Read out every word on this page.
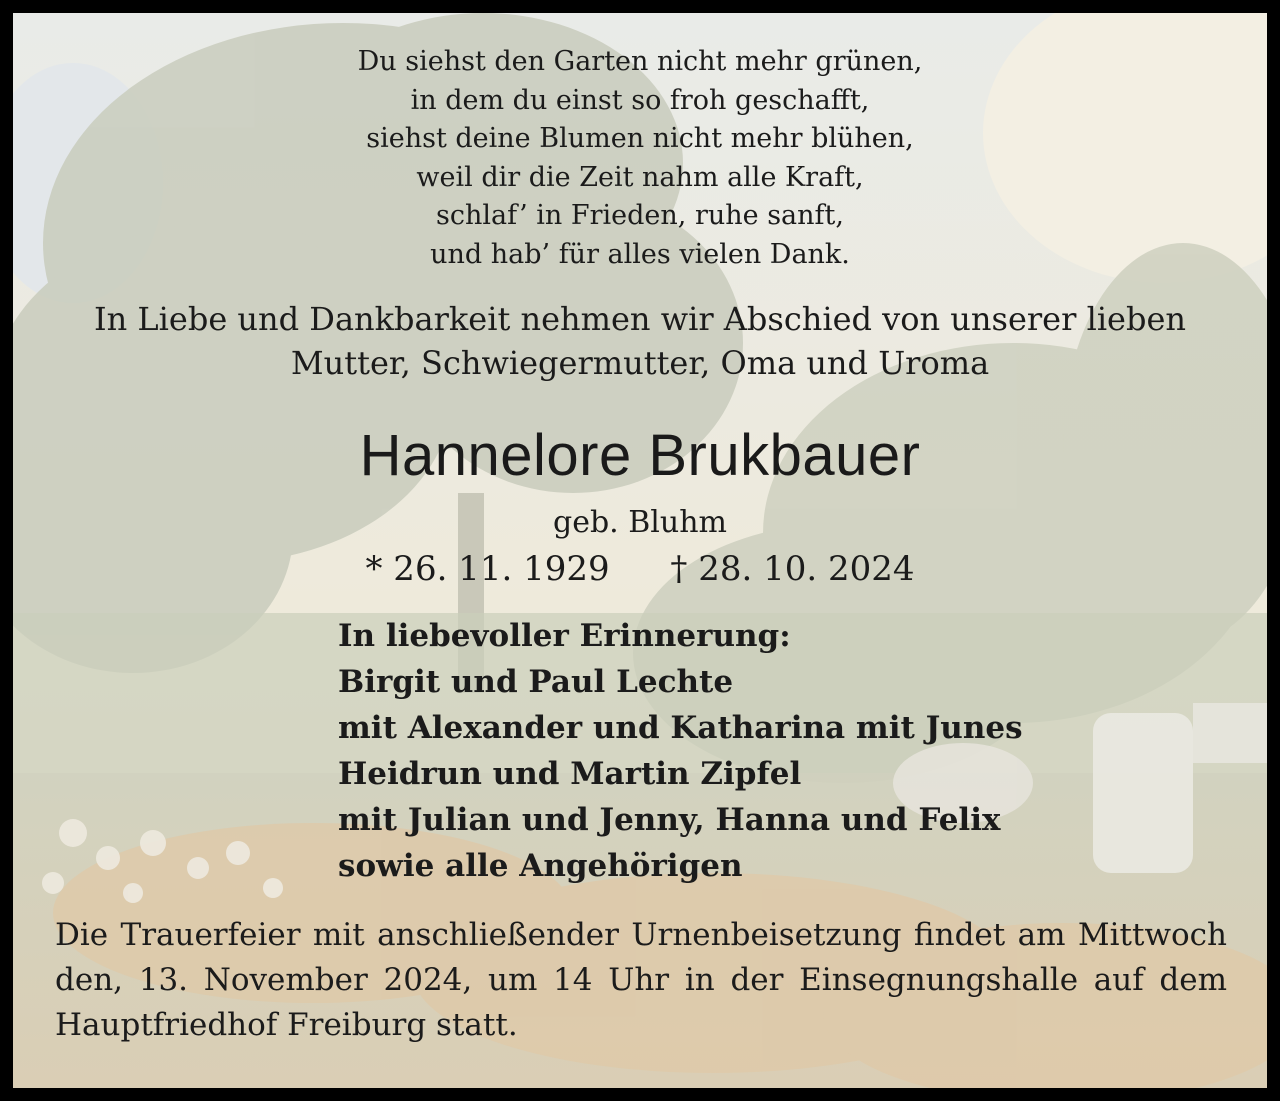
Du siehst den Garten nicht mehr grünen,
in dem du einst so froh geschafft,
siehst deine Blumen nicht mehr blühen,
weil dir die Zeit nahm alle Kraft,
schlaf’ in Frieden, ruhe sanft,
und hab’ für alles vielen Dank.
In Liebe und Dankbarkeit nehmen wir Abschied von unserer lieben
Mutter, Schwiegermutter, Oma und Uroma
Hannelore Brukbauer
geb. Bluhm
* 26. 11. 1929 † 28. 10. 2024
In liebevoller Erinnerung:
Birgit und Paul Lechte
mit Alexander und Katharina mit Junes
Heidrun und Martin Zipfel
mit Julian und Jenny, Hanna und Felix
sowie alle Angehörigen
Die Trauerfeier mit anschließender Urnenbeisetzung findet am Mittwoch
den, 13. November 2024, um 14 Uhr in der Einsegnungshalle auf dem
Hauptfriedhof Freiburg statt.
